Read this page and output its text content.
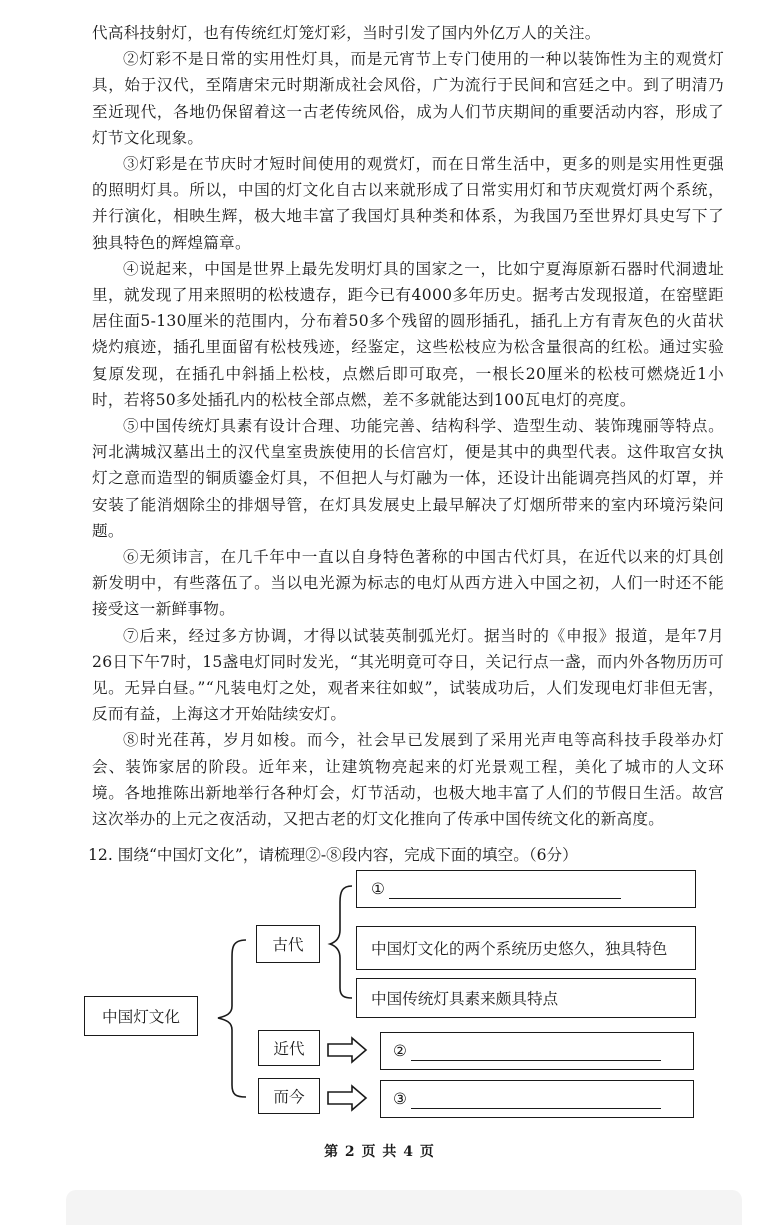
代高科技射灯，也有传统红灯笼灯彩，当时引发了国内外亿万人的关注。

②灯彩不是日常的实用性灯具，而是元宵节上专门使用的一种以装饰性为主的观赏灯具，始于汉代，至隋唐宋元时期渐成社会风俗，广为流行于民间和宫廷之中。到了明清乃至近现代，各地仍保留着这一古老传统风俗，成为人们节庆期间的重要活动内容，形成了灯节文化现象。

③灯彩是在节庆时才短时间使用的观赏灯，而在日常生活中，更多的则是实用性更强的照明灯具。所以，中国的灯文化自古以来就形成了日常实用灯和节庆观赏灯两个系统，并行演化，相映生辉，极大地丰富了我国灯具种类和体系，为我国乃至世界灯具史写下了独具特色的辉煌篇章。

④说起来，中国是世界上最先发明灯具的国家之一，比如宁夏海原新石器时代洞遗址里，就发现了用来照明的松枝遗存，距今已有4000多年历史。据考古发现报道，在窑壁距居住面5-130厘米的范围内，分布着50多个残留的圆形插孔，插孔上方有青灰色的火苗状烧灼痕迹，插孔里面留有松枝残迹，经鉴定，这些松枝应为松含量很高的红松。通过实验复原发现，在插孔中斜插上松枝，点燃后即可取亮，一根长20厘米的松枝可燃烧近1小时，若将50多处插孔内的松枝全部点燃，差不多就能达到100瓦电灯的亮度。

⑤中国传统灯具素有设计合理、功能完善、结构科学、造型生动、装饰瑰丽等特点。河北满城汉墓出土的汉代皇室贵族使用的长信宫灯，便是其中的典型代表。这件取宫女执灯之意而造型的铜质鎏金灯具，不但把人与灯融为一体，还设计出能调亮挡风的灯罩，并安装了能消烟除尘的排烟导管，在灯具发展史上最早解决了灯烟所带来的室内环境污染问题。

⑥无须讳言，在几千年中一直以自身特色著称的中国古代灯具，在近代以来的灯具创新发明中，有些落伍了。当以电光源为标志的电灯从西方进入中国之初，人们一时还不能接受这一新鲜事物。

⑦后来，经过多方协调，才得以试装英制弧光灯。据当时的《申报》报道，是年7月26日下午7时，15盏电灯同时发光，“其光明竟可夺日，关记行点一盏，而内外各物历历可见。无异白昼。”“凡装电灯之处，观者来往如蚁”，试装成功后，人们发现电灯非但无害，反而有益，上海这才开始陆续安灯。

⑧时光荏苒，岁月如梭。而今，社会早已发展到了采用光声电等高科技手段举办灯会、装饰家居的阶段。近年来，让建筑物亮起来的灯光景观工程，美化了城市的人文环境。各地推陈出新地举行各种灯会，灯节活动，也极大地丰富了人们的节假日生活。故宫这次举办的上元之夜活动，又把古老的灯文化推向了传承中国传统文化的新高度。

12. 围绕“中国灯文化”，请梳理②-⑧段内容，完成下面的填空。（6分）

中国灯文化
古代
近代
而今
①
中国灯文化的两个系统历史悠久，独具特色
中国传统灯具素来颇具特点
②
③
第 2 页 共 4 页
